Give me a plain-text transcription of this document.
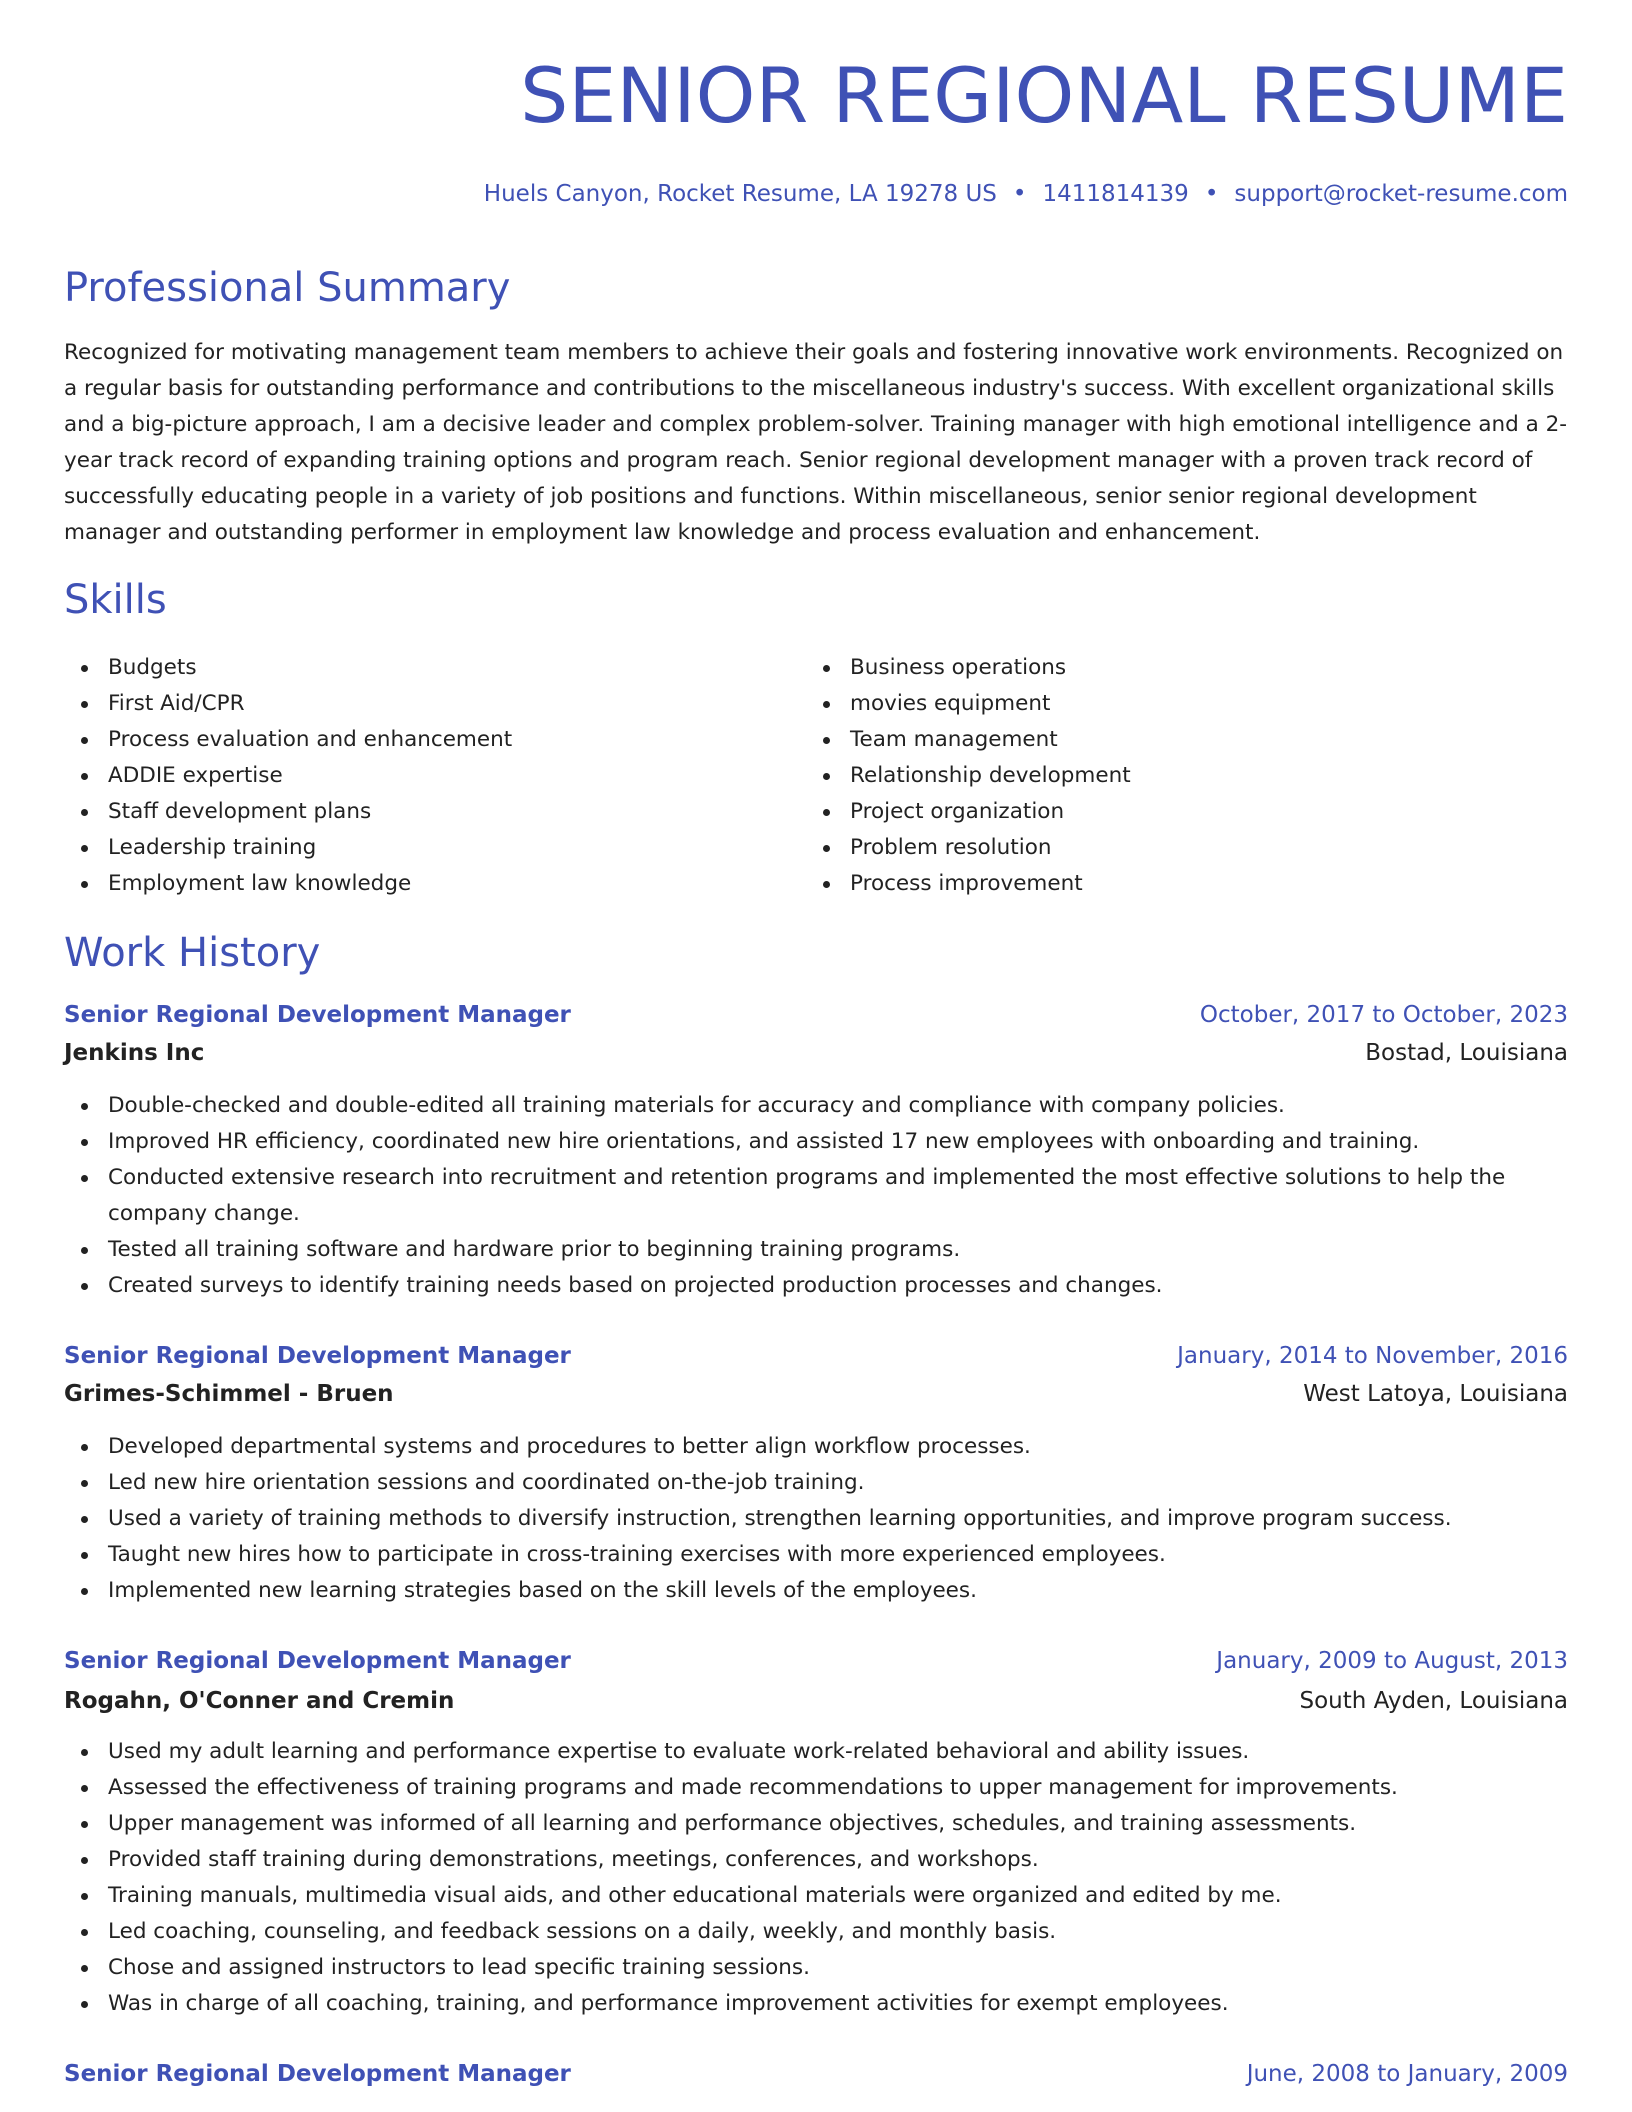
SENIOR REGIONAL RESUME
Huels Canyon, Rocket Resume, LA 19278 US • 1411814139 • support@rocket-resume.com
Professional Summary

Recognized for motivating management team members to achieve their goals and fostering innovative work environments. Recognized on a regular basis for outstanding performance and contributions to the miscellaneous industry's success. With excellent organizational skills and a big-picture approach, I am a decisive leader and complex problem-solver. Training manager with high emotional intelligence and a 2-year track record of expanding training options and program reach. Senior regional development manager with a proven track record of successfully educating people in a variety of job positions and functions. Within miscellaneous, senior senior regional development manager and outstanding performer in employment law knowledge and process evaluation and enhancement.

Skills
Budgets
First Aid/CPR
Process evaluation and enhancement
ADDIE expertise
Staff development plans
Leadership training
Employment law knowledge
Business operations
movies equipment
Team management
Relationship development
Project organization
Problem resolution
Process improvement
Work History
Senior Regional Development Manager	October, 2017 to October, 2023
Jenkins Inc	Bostad, Louisiana
Double-checked and double-edited all training materials for accuracy and compliance with company policies.
Improved HR efficiency, coordinated new hire orientations, and assisted 17 new employees with onboarding and training.
Conducted extensive research into recruitment and retention programs and implemented the most effective solutions to help the company change.
Tested all training software and hardware prior to beginning training programs.
Created surveys to identify training needs based on projected production processes and changes.
Senior Regional Development Manager	January, 2014 to November, 2016
Grimes-Schimmel - Bruen	West Latoya, Louisiana
Developed departmental systems and procedures to better align workflow processes.
Led new hire orientation sessions and coordinated on-the-job training.
Used a variety of training methods to diversify instruction, strengthen learning opportunities, and improve program success.
Taught new hires how to participate in cross-training exercises with more experienced employees.
Implemented new learning strategies based on the skill levels of the employees.
Senior Regional Development Manager	January, 2009 to August, 2013
Rogahn, O'Conner and Cremin	South Ayden, Louisiana
Used my adult learning and performance expertise to evaluate work-related behavioral and ability issues.
Assessed the effectiveness of training programs and made recommendations to upper management for improvements.
Upper management was informed of all learning and performance objectives, schedules, and training assessments.
Provided staff training during demonstrations, meetings, conferences, and workshops.
Training manuals, multimedia visual aids, and other educational materials were organized and edited by me.
Led coaching, counseling, and feedback sessions on a daily, weekly, and monthly basis.
Chose and assigned instructors to lead specific training sessions.
Was in charge of all coaching, training, and performance improvement activities for exempt employees.
Senior Regional Development Manager	June, 2008 to January, 2009
